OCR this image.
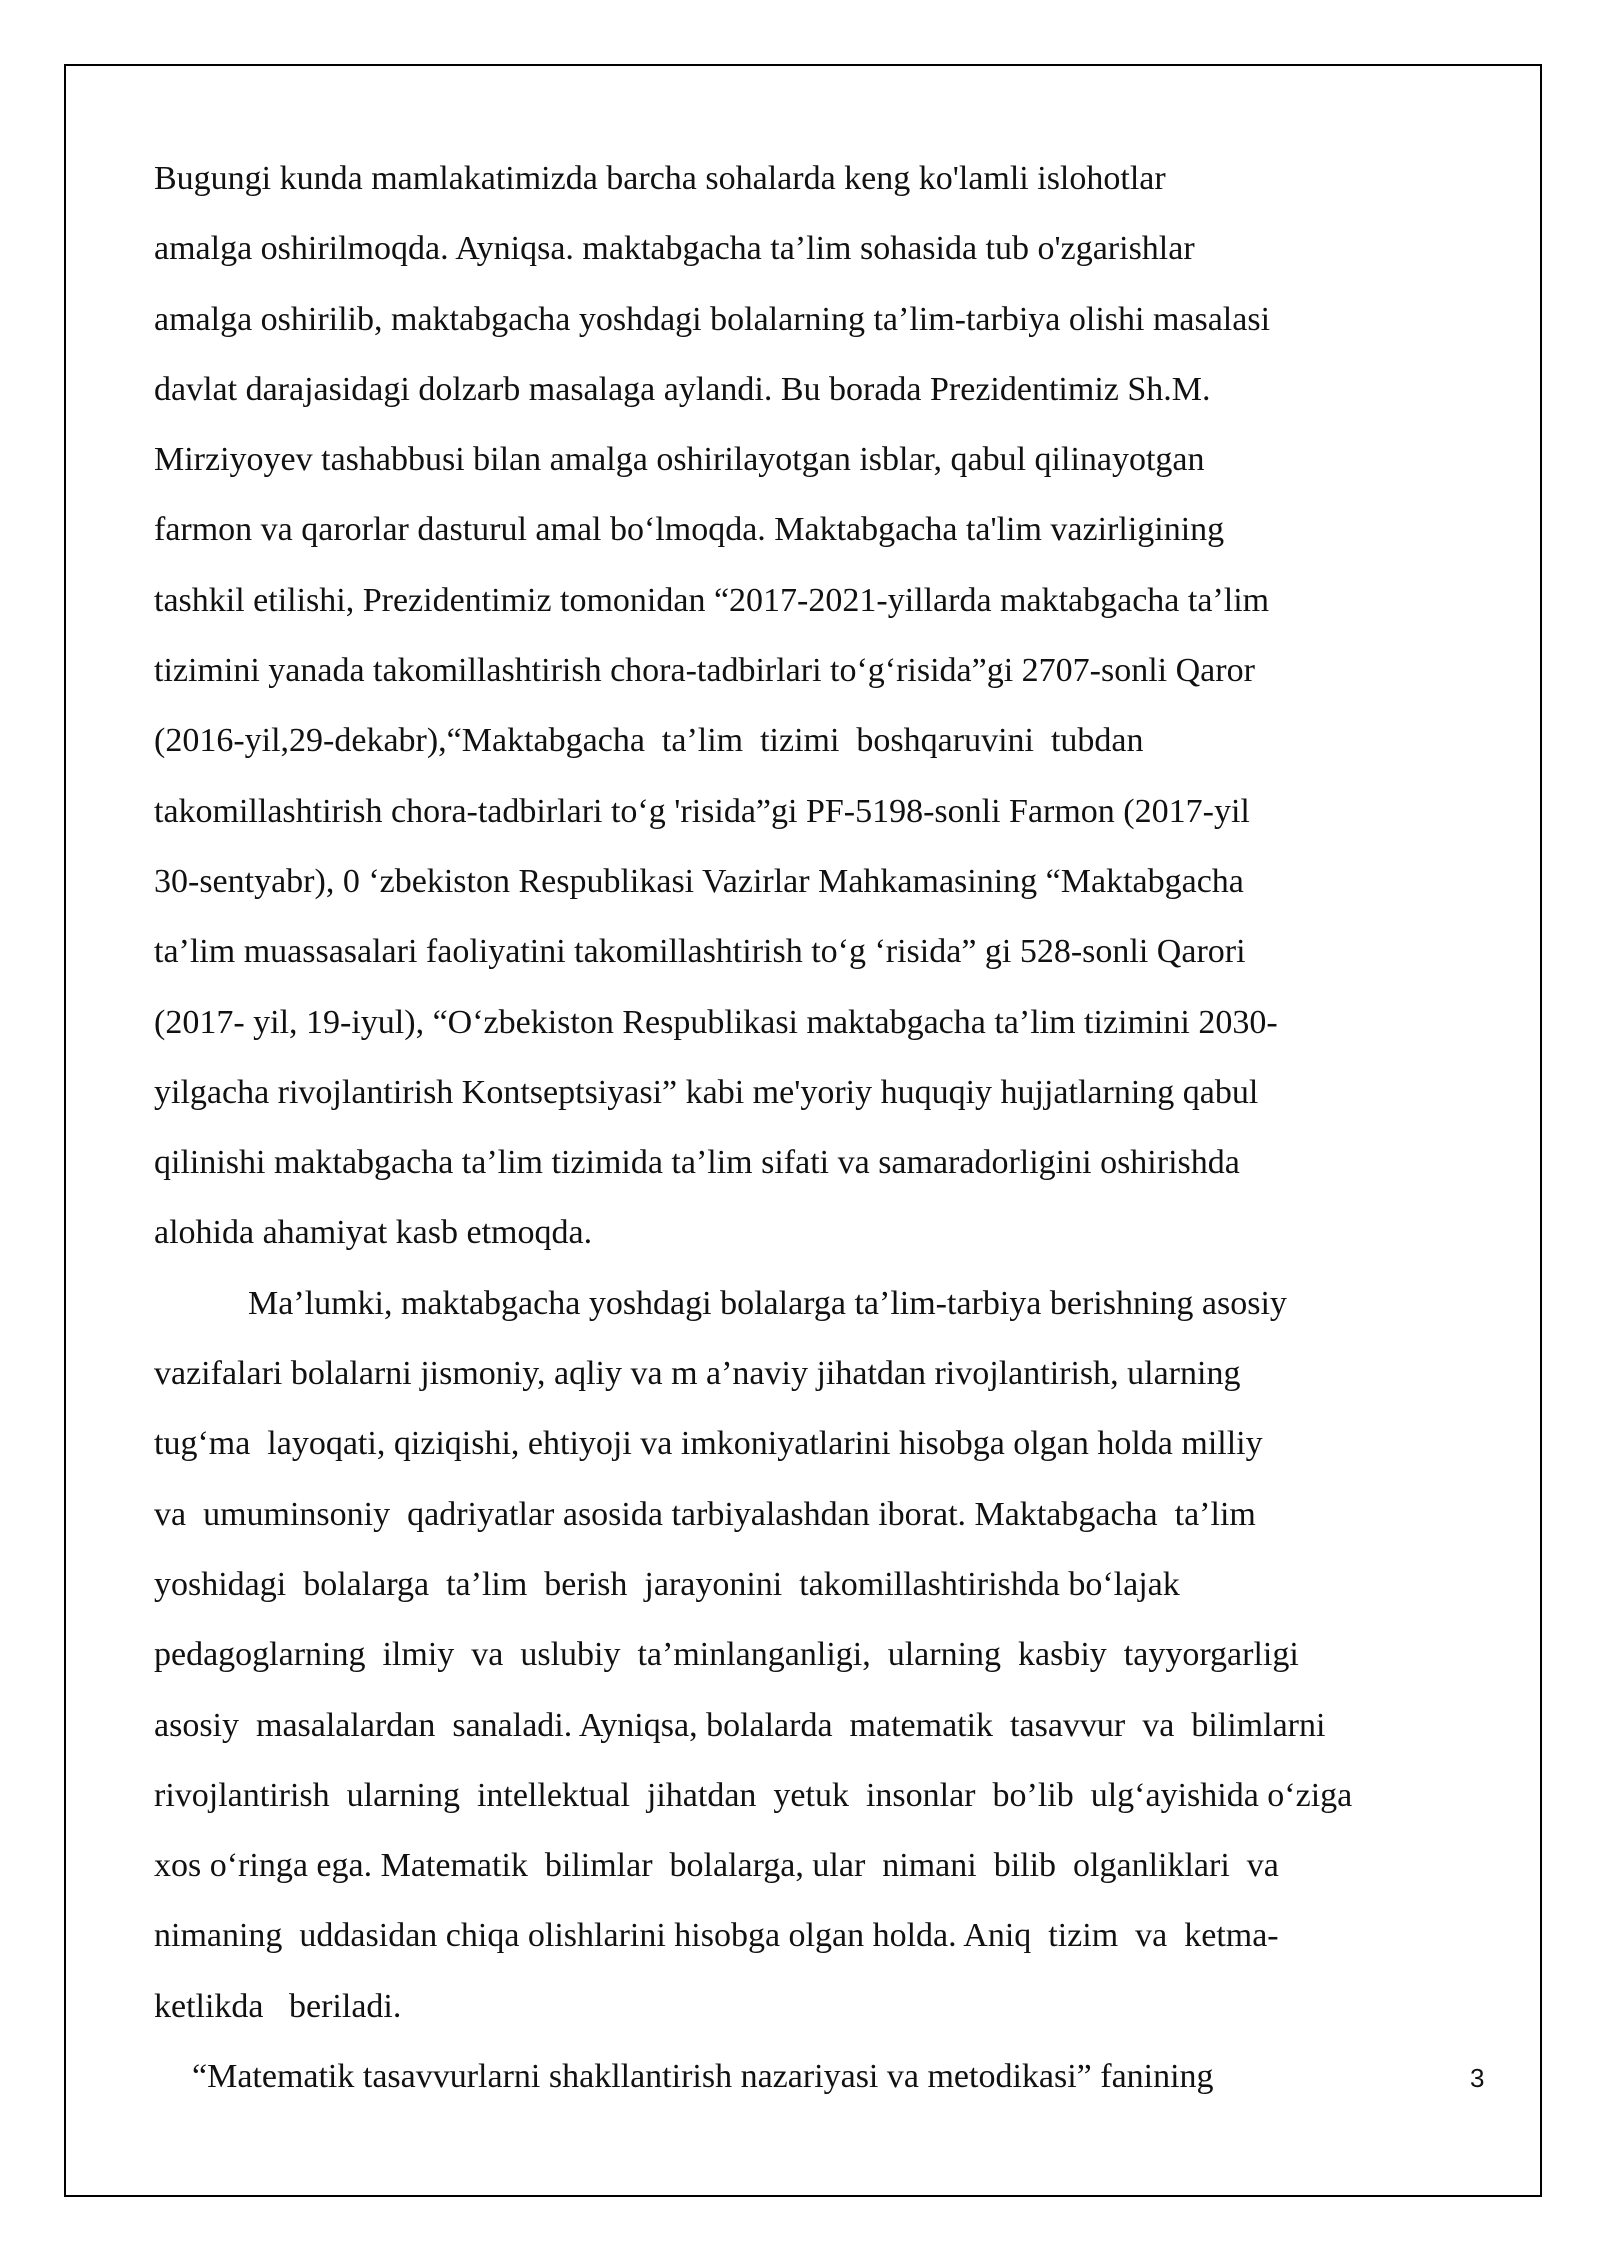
Bugungi kunda mamlakatimizda barcha sohalarda keng ko'lamli islohotlar
amalga oshirilmoqda. Ayniqsa. maktabgacha ta’lim sohasida tub o'zgarishlar
amalga oshirilib, maktabgacha yoshdagi bolalarning ta’lim-tarbiya olishi masalasi
davlat darajasidagi dolzarb masalaga aylandi. Bu borada Prezidentimiz Sh.M.
Mirziyoyev tashabbusi bilan amalga oshirilayotgan isblar, qabul qilinayotgan
farmon va qarorlar dasturul amal bo‘lmoqda. Maktabgacha ta'lim vazirligining
tashkil etilishi, Prezidentimiz tomonidan “2017-2021-yillarda maktabgacha ta’lim
tizimini yanada takomillashtirish chora-tadbirlari to‘g‘risida”gi 2707-sonli Qaror
(2016-yil,29-dekabr),“Maktabgacha  ta’lim  tizimi  boshqaruvini  tubdan
takomillashtirish chora-tadbirlari to‘g 'risida”gi PF-5198-sonli Farmon (2017-yil
30-sentyabr), 0 ‘zbekiston Respublikasi Vazirlar Mahkamasining “Maktabgacha
ta’lim muassasalari faoliyatini takomillashtirish to‘g ‘risida” gi 528-sonli Qarori
(2017- yil, 19-iyul), “O‘zbekiston Respublikasi maktabgacha ta’lim tizimini 2030-
yilgacha rivojlantirish Kontseptsiyasi” kabi me'yoriy huquqiy hujjatlarning qabul
qilinishi maktabgacha ta’lim tizimida ta’lim sifati va samaradorligini oshirishda
alohida ahamiyat kasb etmoqda.
Ma’lumki, maktabgacha yoshdagi bolalarga ta’lim-tarbiya berishning asosiy
vazifalari bolalarni jismoniy, aqliy va m a’naviy jihatdan rivojlantirish, ularning
tug‘ma  layoqati, qiziqishi, ehtiyoji va imkoniyatlarini hisobga olgan holda milliy
va  umuminsoniy  qadriyatlar asosida tarbiyalashdan iborat. Maktabgacha  ta’lim
yoshidagi  bolalarga  ta’lim  berish  jarayonini  takomillashtirishda bo‘lajak
pedagoglarning  ilmiy  va  uslubiy  ta’minlanganligi,  ularning  kasbiy  tayyorgarligi
asosiy  masalalardan  sanaladi. Ayniqsa, bolalarda  matematik  tasavvur  va  bilimlarni
rivojlantirish  ularning  intellektual  jihatdan  yetuk  insonlar  bo’lib  ulg‘ayishida o‘ziga
xos o‘ringa ega. Matematik  bilimlar  bolalarga, ular  nimani  bilib  olganliklari  va
nimaning  uddasidan chiqa olishlarini hisobga olgan holda. Aniq  tizim  va  ketma-
ketlikda   beriladi.
“Matematik tasavvurlarni shakllantirish nazariyasi va metodikasi” fanining	3
